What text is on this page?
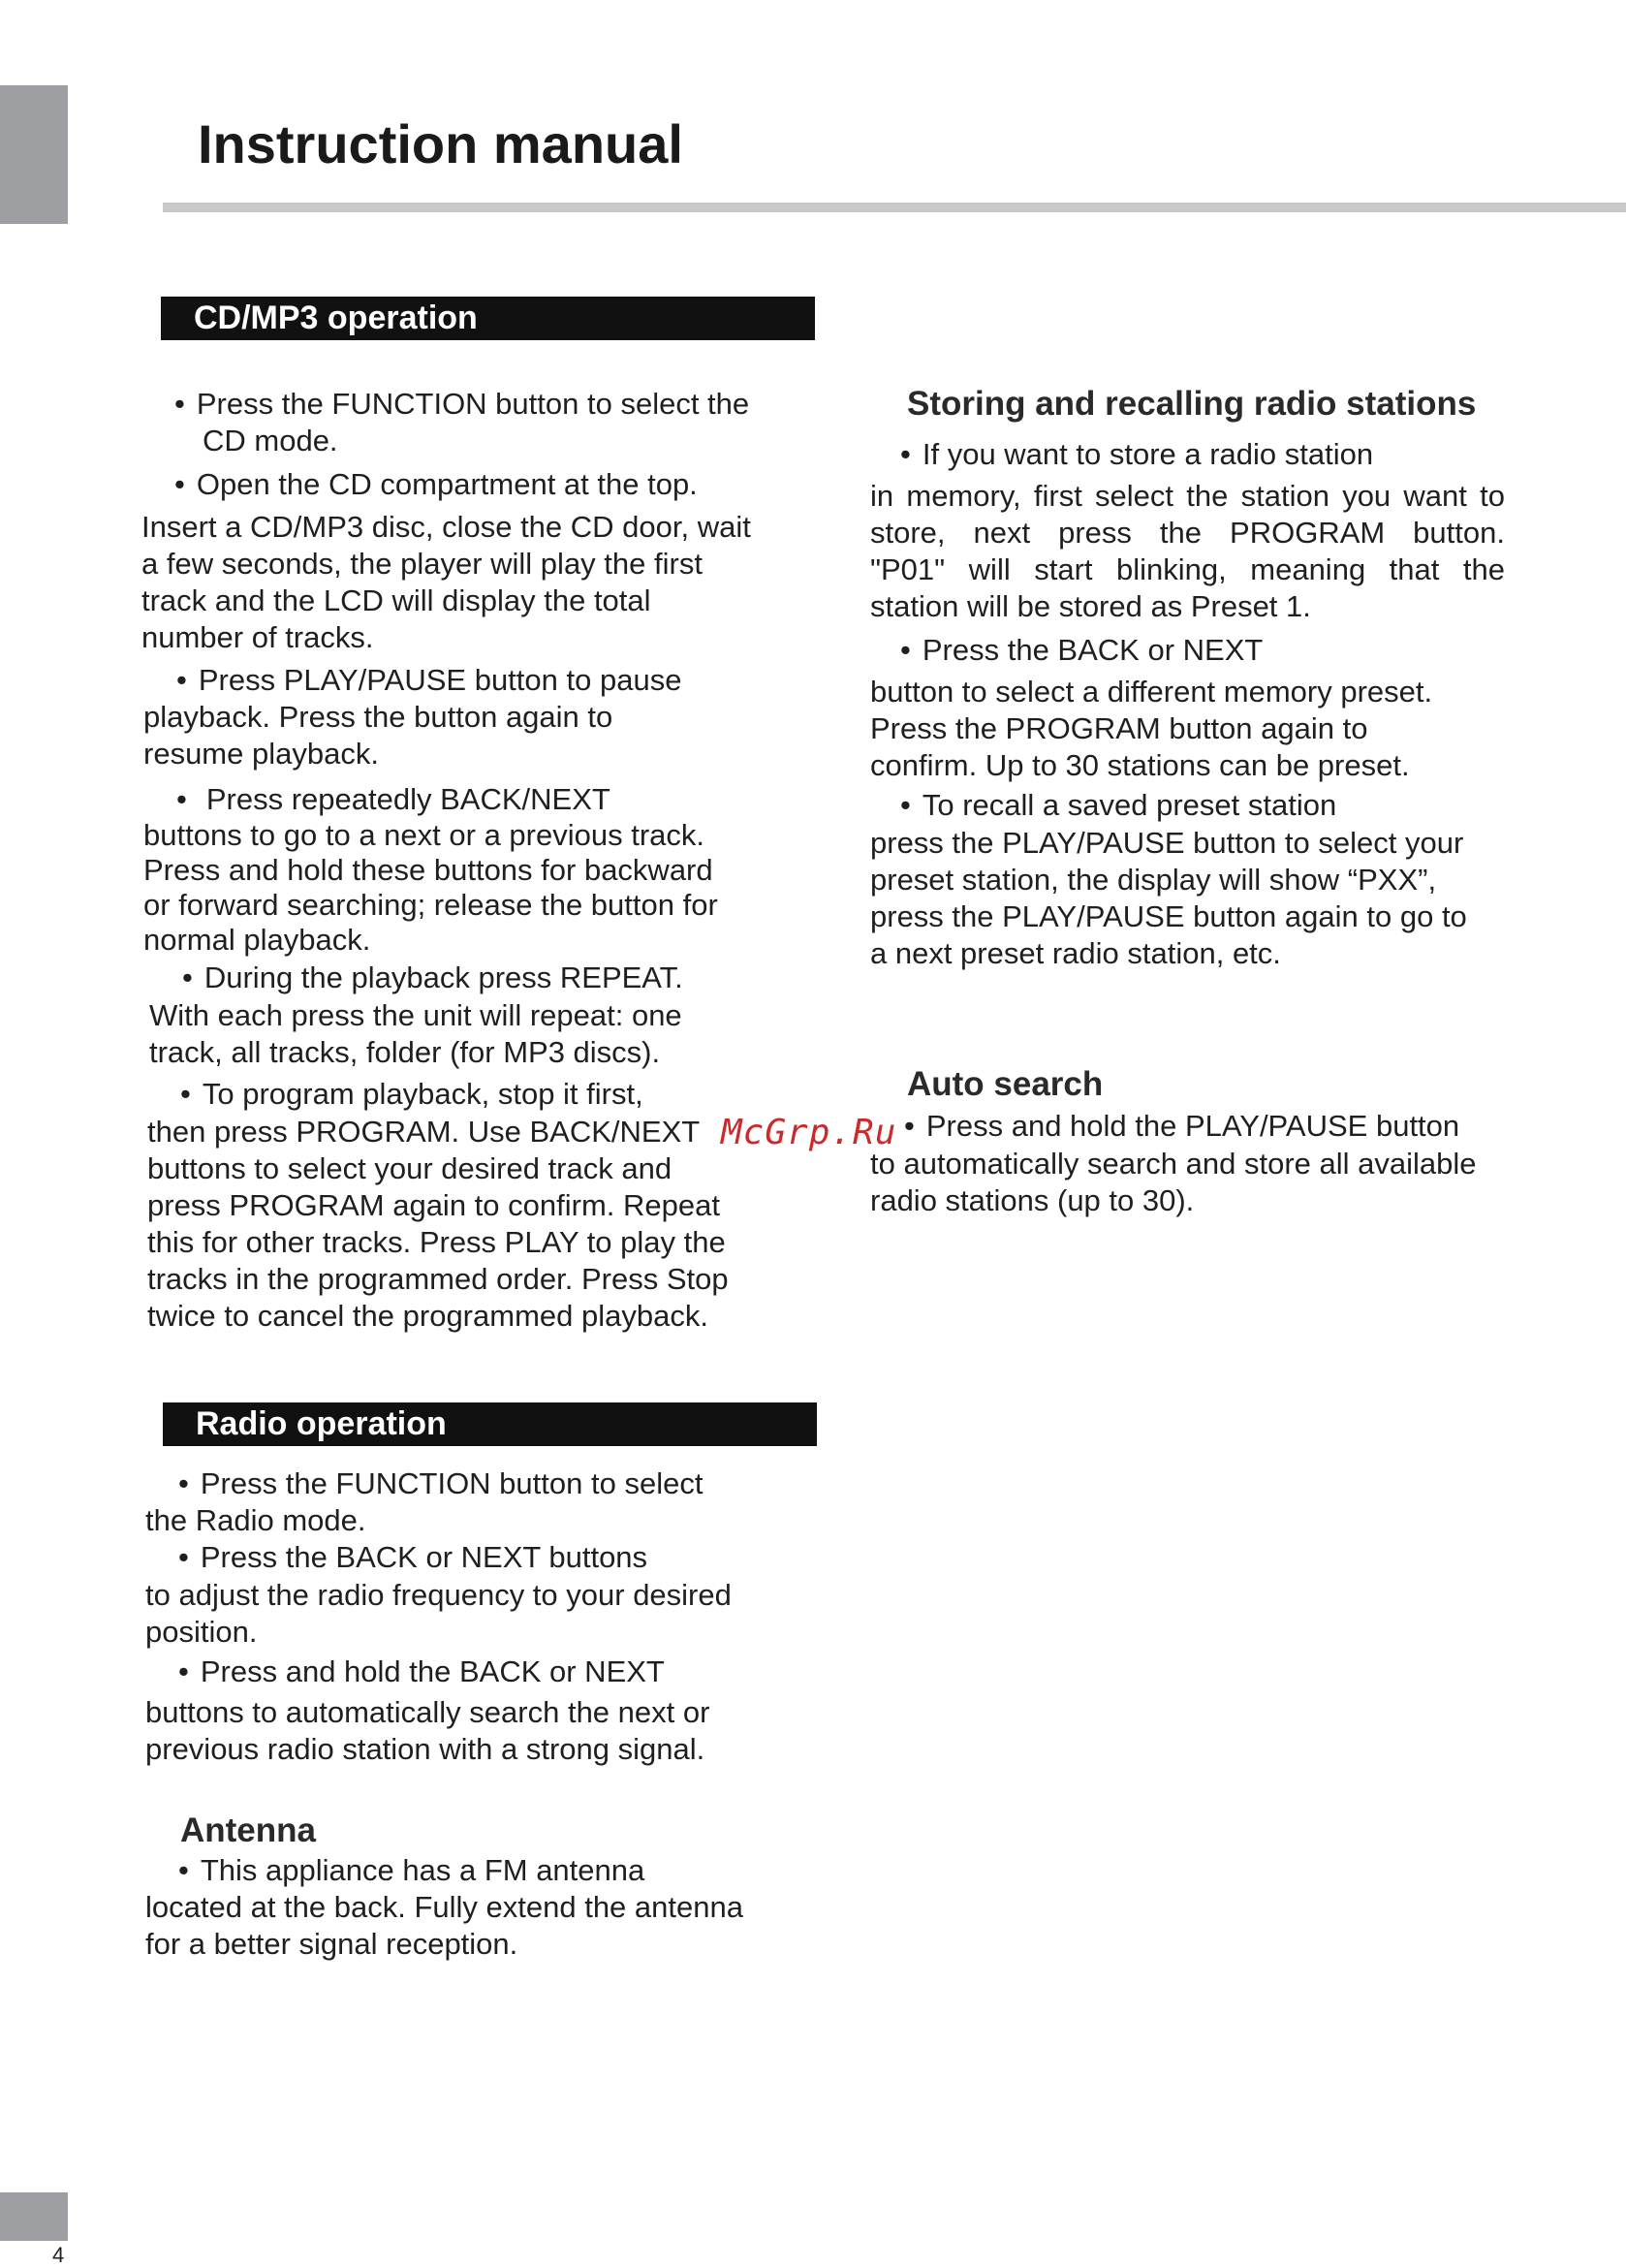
Instruction manual
CD/MP3 operation

• Press the FUNCTION button to select the

CD mode.

• Open the CD compartment at the top.

Insert a CD/MP3 disc, close the CD door, wait

a few seconds, the player will play the first

track and the LCD will display the total

number of tracks.

• Press PLAY/PAUSE button to pause

playback. Press the button again to

resume playback.

• Press repeatedly BACK/NEXT

buttons to go to a next or a previous track.

Press and hold these buttons for backward

or forward searching; release the button for

normal playback.

• During the playback press REPEAT.

With each press the unit will repeat: one

track, all tracks, folder (for MP3 discs).

• To program playback, stop it first,

then press PROGRAM. Use BACK/NEXT

buttons to select your desired track and

press PROGRAM again to confirm. Repeat

this for other tracks. Press PLAY to play the

tracks in the programmed order. Press Stop

twice to cancel the programmed playback.

Radio operation

• Press the FUNCTION button to select

the Radio mode.

• Press the BACK or NEXT buttons

to adjust the radio frequency to your desired

position.

• Press and hold the BACK or NEXT

buttons to automatically search the next or

previous radio station with a strong signal.

Antenna

• This appliance has a FM antenna

located at the back. Fully extend the antenna

for a better signal reception.

Storing and recalling radio stations

• If you want to store a radio station

in memory, first select the station you want to

store, next press the PROGRAM button.

"P01" will start blinking, meaning that the

station will be stored as Preset 1.

• Press the BACK or NEXT

button to select a different memory preset.

Press the PROGRAM button again to

confirm. Up to 30 stations can be preset.

• To recall a saved preset station

press the PLAY/PAUSE button to select your

preset station, the display will show “PXX”,

press the PLAY/PAUSE button again to go to

a next preset radio station, etc.

Auto search

• Press and hold the PLAY/PAUSE button

to automatically search and store all available

radio stations (up to 30).

McGrp.Ru
4
